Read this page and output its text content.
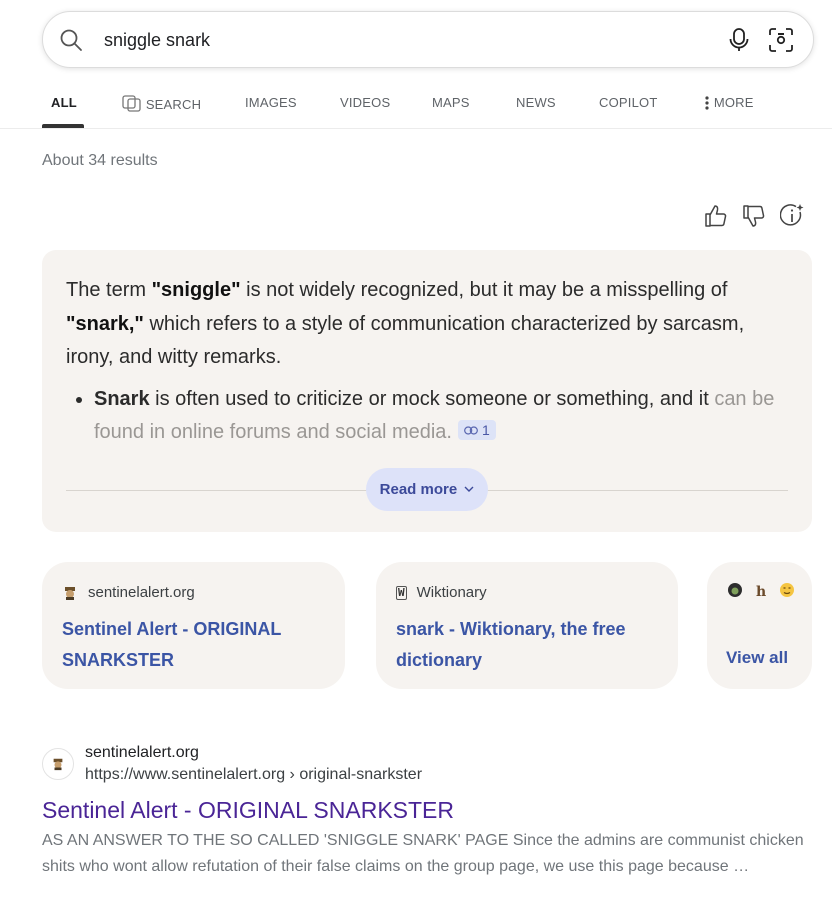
sniggle snark
ALL	SEARCH	IMAGES	VIDEOS	MAPS	NEWS	COPILOT	MORE
About 34 results
The term "sniggle" is not widely recognized, but it may be a misspelling of "snark," which refers to a style of communication characterized by sarcasm, irony, and witty remarks.
• Snark is often used to criticize or mock someone or something, and it can be found in online forums and social media. 1
Read more
sentinelalert.org
Sentinel Alert - ORIGINAL SNARKSTER
W Wiktionary
snark - Wiktionary, the free dictionary
h
View all
sentinelalert.org
https://www.sentinelalert.org › original-snarkster
Sentinel Alert - ORIGINAL SNARKSTER
AS AN ANSWER TO THE SO CALLED 'SNIGGLE SNARK' PAGE Since the admins are communist chicken shits who wont allow refutation of their false claims on the group page, we use this page because …
